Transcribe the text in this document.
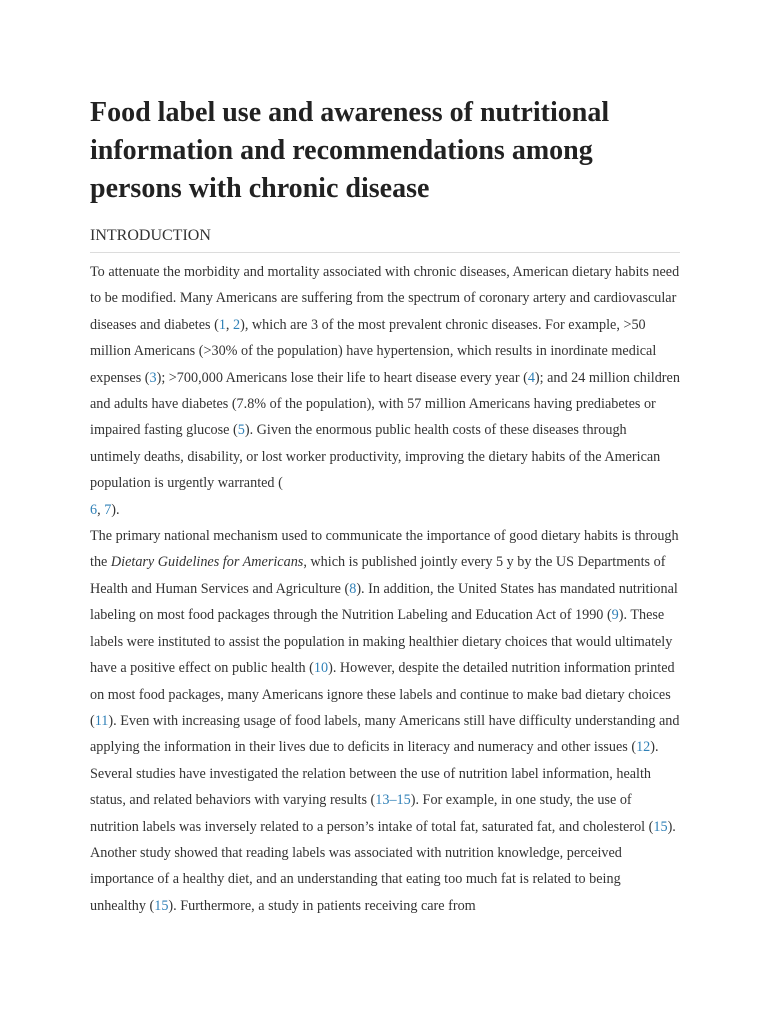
Food label use and awareness of nutritional information and recommendations among persons with chronic disease
INTRODUCTION

To attenuate the morbidity and mortality associated with chronic diseases, American dietary habits need to be modified. Many Americans are suffering from the spectrum of coronary artery and cardiovascular diseases and diabetes (1, 2), which are 3 of the most prevalent chronic diseases. For example, >50 million Americans (>30% of the population) have hypertension, which results in inordinate medical expenses (3); >700,000 Americans lose their life to heart disease every year (4); and 24 million children and adults have diabetes (7.8% of the population), with 57 million Americans having prediabetes or impaired fasting glucose (5). Given the enormous public health costs of these diseases through untimely deaths, disability, or lost worker productivity, improving the dietary habits of the American population is urgently warranted (
6, 7).

The primary national mechanism used to communicate the importance of good dietary habits is through the Dietary Guidelines for Americans, which is published jointly every 5 y by the US Departments of Health and Human Services and Agriculture (8). In addition, the United States has mandated nutritional labeling on most food packages through the Nutrition Labeling and Education Act of 1990 (9). These labels were instituted to assist the population in making healthier dietary choices that would ultimately have a positive effect on public health (10). However, despite the detailed nutrition information printed on most food packages, many Americans ignore these labels and continue to make bad dietary choices (11). Even with increasing usage of food labels, many Americans still have difficulty understanding and applying the information in their lives due to deficits in literacy and numeracy and other issues (12). Several studies have investigated the relation between the use of nutrition label information, health status, and related behaviors with varying results (13–15). For example, in one study, the use of nutrition labels was inversely related to a person’s intake of total fat, saturated fat, and cholesterol (15). Another study showed that reading labels was associated with nutrition knowledge, perceived importance of a healthy diet, and an understanding that eating too much fat is related to being unhealthy (15). Furthermore, a study in patients receiving care from
